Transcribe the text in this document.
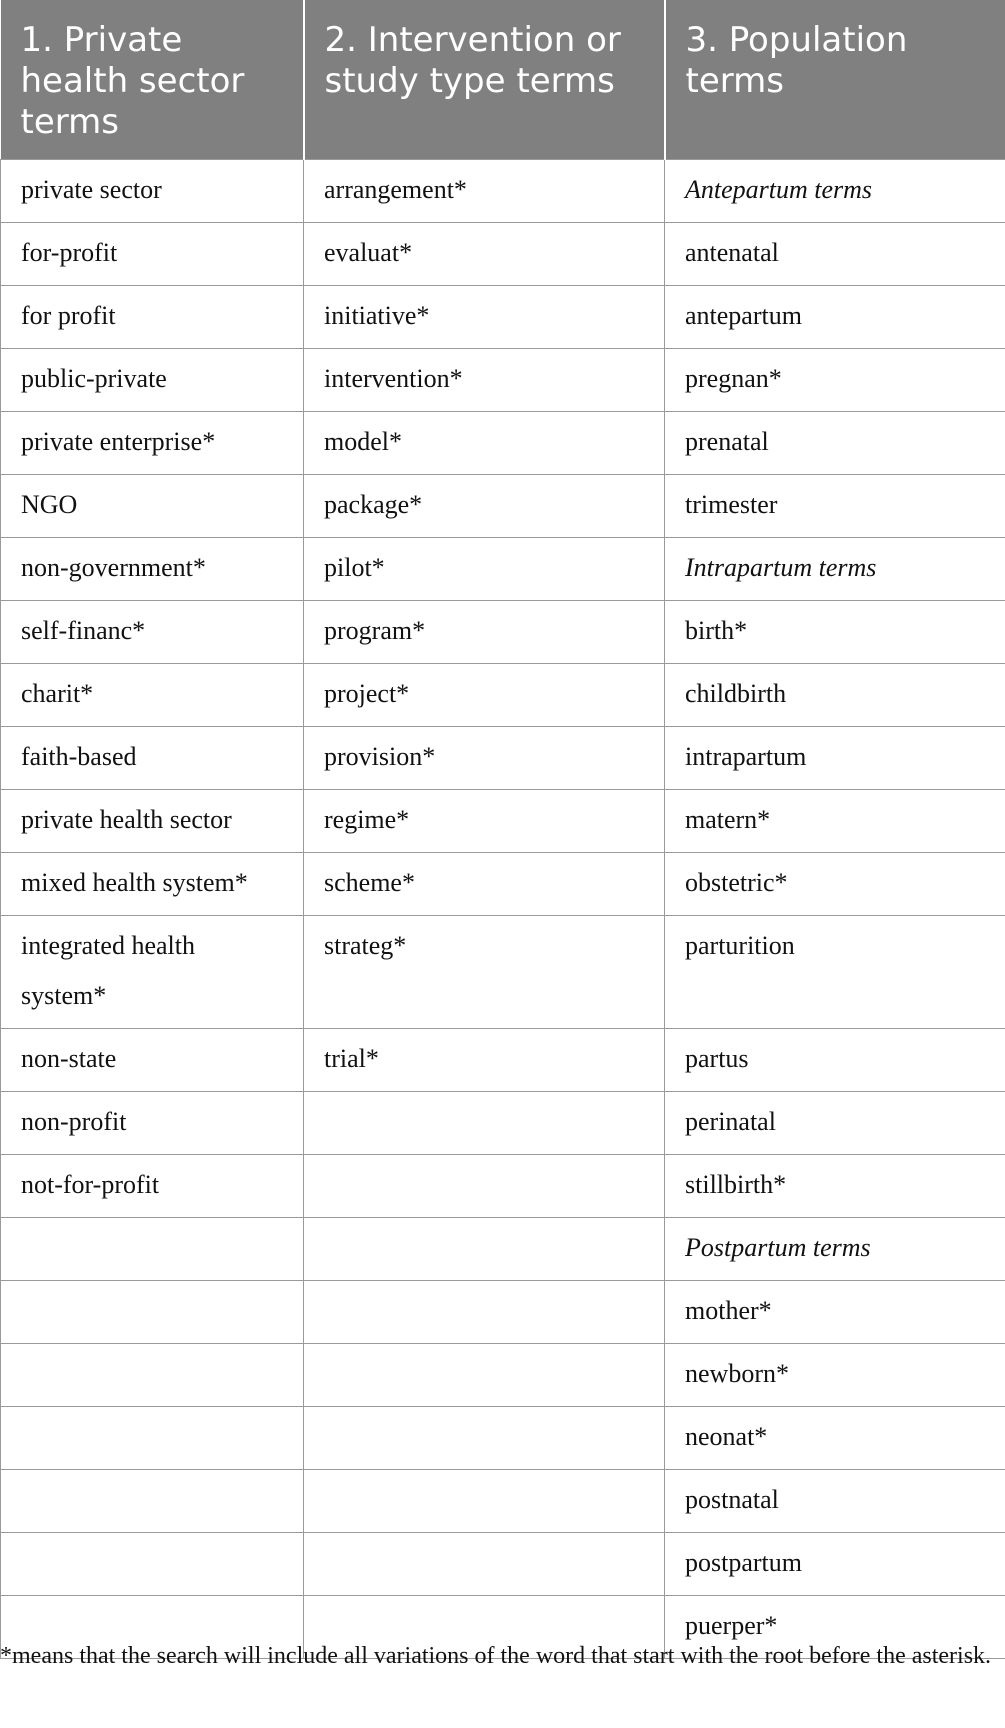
1. Private health sector terms	2. Intervention or study type terms	3. Population terms
private sector	arrangement*	Antepartum terms
for-profit	evaluat*	antenatal
for profit	initiative*	antepartum
public-private	intervention*	pregnan*
private enterprise*	model*	prenatal
NGO	package*	trimester
non-government*	pilot*	Intrapartum terms
self-financ*	program*	birth*
charit*	project*	childbirth
faith-based	provision*	intrapartum
private health sector	regime*	matern*
mixed health system*	scheme*	obstetric*
integrated health system*	strateg*	parturition
non-state	trial*	partus
non-profit		perinatal
not-for-profit		stillbirth*
		Postpartum terms
		mother*
		newborn*
		neonat*
		postnatal
		postpartum
		puerper*
*means that the search will include all variations of the word that start with the root before the asterisk.
